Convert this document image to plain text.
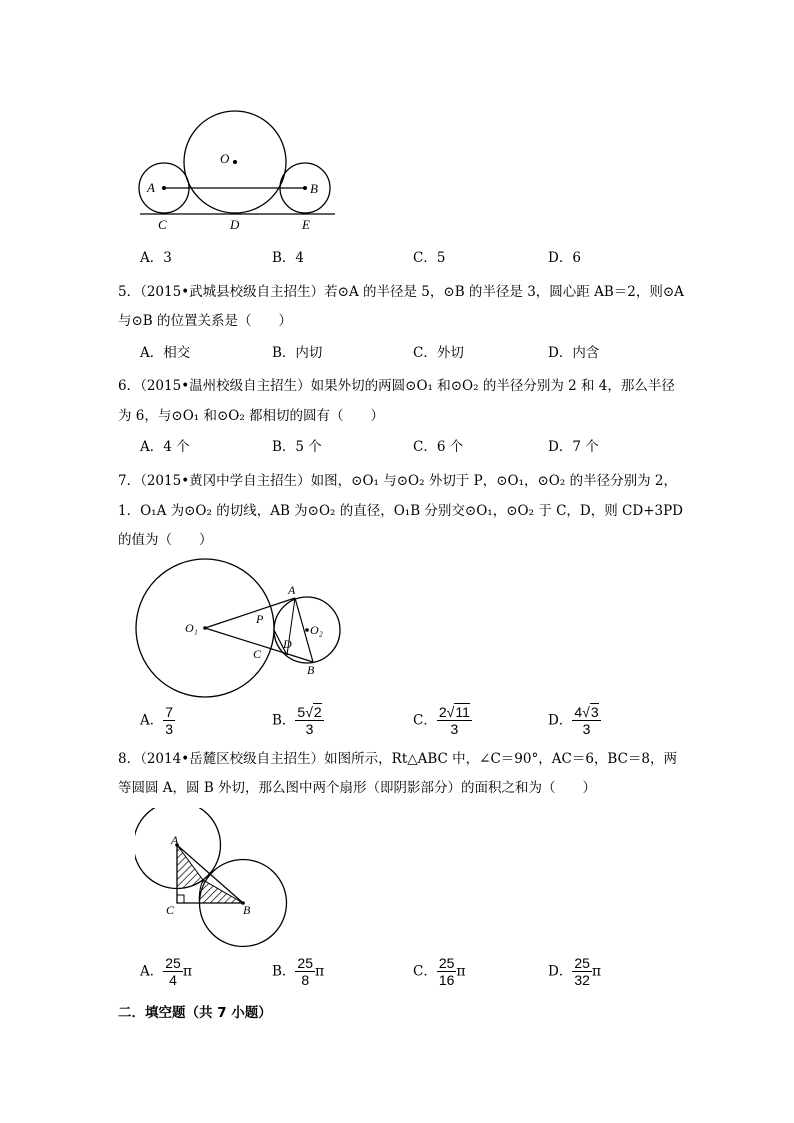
O
A	B
C	D	E
A．3	B．4	C．5	D．6
5．（2015•武城县校级自主招生）若⊙A 的半径是 5，⊙B 的半径是 3，圆心距 AB＝2，则⊙A
与⊙B 的位置关系是（　　）
A．相交	B．内切	C．外切	D．内含
6．（2015•温州校级自主招生）如果外切的两圆⊙O₁ 和⊙O₂ 的半径分别为 2 和 4，那么半径
为 6，与⊙O₁ 和⊙O₂ 都相切的圆有（　　）
A．4 个	B．5 个	C．6 个	D．7 个
7．（2015•黄冈中学自主招生）如图，⊙O₁ 与⊙O₂ 外切于 P，⊙O₁，⊙O₂ 的半径分别为 2，
1．O₁A 为⊙O₂ 的切线，AB 为⊙O₂ 的直径，O₁B 分别交⊙O₁，⊙O₂ 于 C，D，则 CD+3PD
的值为（　　）
O₁	O₂
A
P
C
D
B
A． $\frac{7}{3}$	B． $\frac{5√2}{3}$	C． $\frac{2√11}{3}$	D． $\frac{4√3}{3}$
8．（2014•岳麓区校级自主招生）如图所示，Rt△ABC 中，∠C＝90°，AC＝6，BC＝8，两
等圆圆 A，圆 B 外切，那么图中两个扇形（即阴影部分）的面积之和为（　　）
A
B
C
A． $\frac{25}{4}$ π	B． $\frac{25}{8}$ π	C． $\frac{25}{16}$ π	D． $\frac{25}{32}$ π
二．填空题（共 7 小题）
